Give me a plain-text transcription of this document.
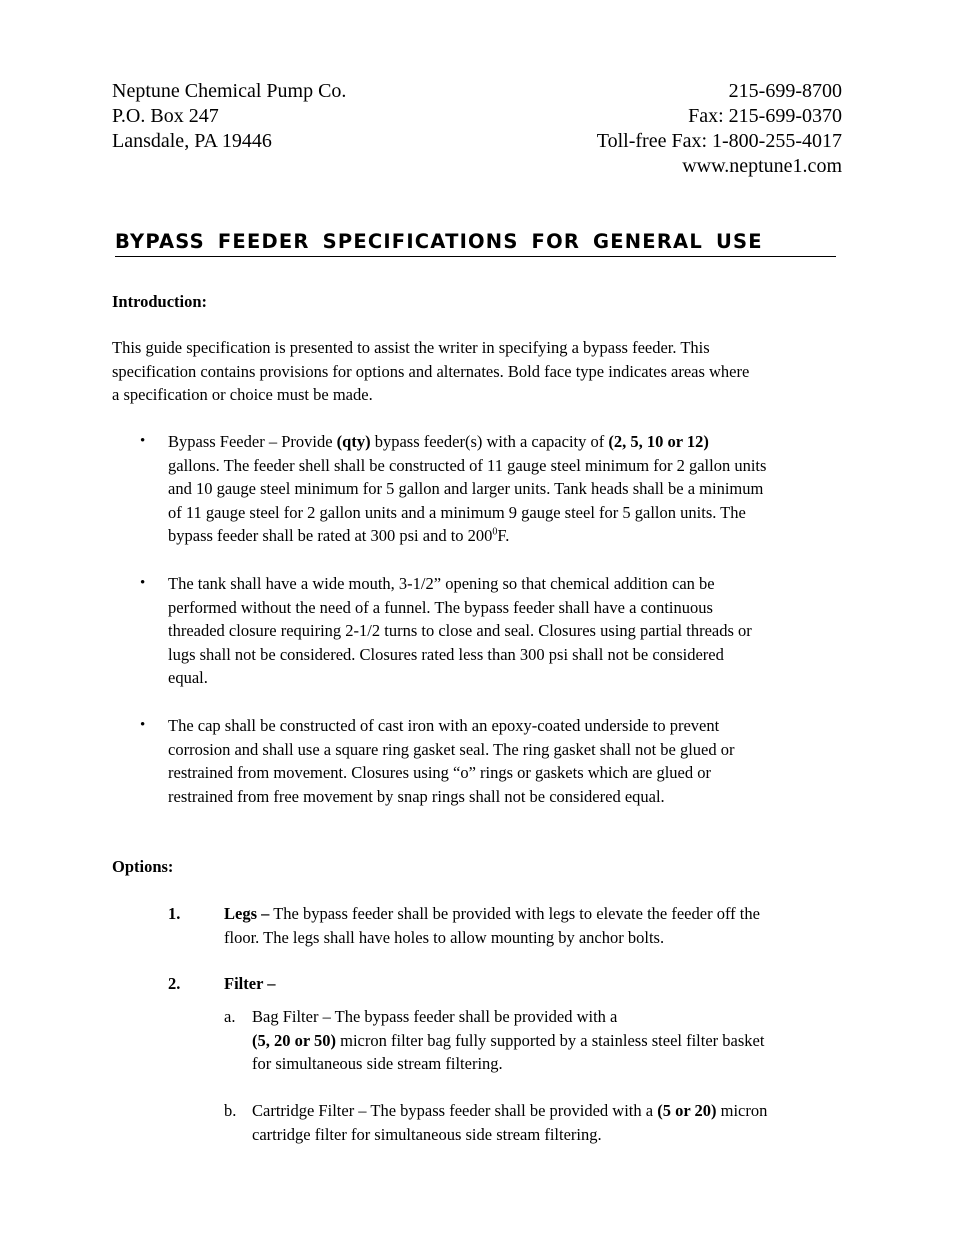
Neptune Chemical Pump Co.
P.O. Box 247
Lansdale, PA 19446
215-699-8700
Fax: 215-699-0370
Toll-free Fax: 1-800-255-4017
www.neptune1.com
BYPASS FEEDER SPECIFICATIONS FOR GENERAL USE
Introduction:
This guide specification is presented to assist the writer in specifying a bypass feeder. This
specification contains provisions for options and alternates. Bold face type indicates areas where
a specification or choice must be made.
• Bypass Feeder – Provide (qty) bypass feeder(s) with a capacity of (2, 5, 10 or 12)
gallons. The feeder shell shall be constructed of 11 gauge steel minimum for 2 gallon units
and 10 gauge steel minimum for 5 gallon and larger units. Tank heads shall be a minimum
of 11 gauge steel for 2 gallon units and a minimum 9 gauge steel for 5 gallon units. The
bypass feeder shall be rated at 300 psi and to $200^0F$.
• The tank shall have a wide mouth, 3-1/2” opening so that chemical addition can be
performed without the need of a funnel. The bypass feeder shall have a continuous
threaded closure requiring 2-1/2 turns to close and seal. Closures using partial threads or
lugs shall not be considered. Closures rated less than 300 psi shall not be considered
equal.
• The cap shall be constructed of cast iron with an epoxy-coated underside to prevent
corrosion and shall use a square ring gasket seal. The ring gasket shall not be glued or
restrained from movement. Closures using “o” rings or gaskets which are glued or
restrained from free movement by snap rings shall not be considered equal.
Options:
1.	Legs – The bypass feeder shall be provided with legs to elevate the feeder off the
floor. The legs shall have holes to allow mounting by anchor bolts.
2.	Filter –
a. Bag Filter – The bypass feeder shall be provided with a
(5, 20 or 50) micron filter bag fully supported by a stainless steel filter basket
for simultaneous side stream filtering.
b. Cartridge Filter – The bypass feeder shall be provided with a (5 or 20) micron
cartridge filter for simultaneous side stream filtering.
